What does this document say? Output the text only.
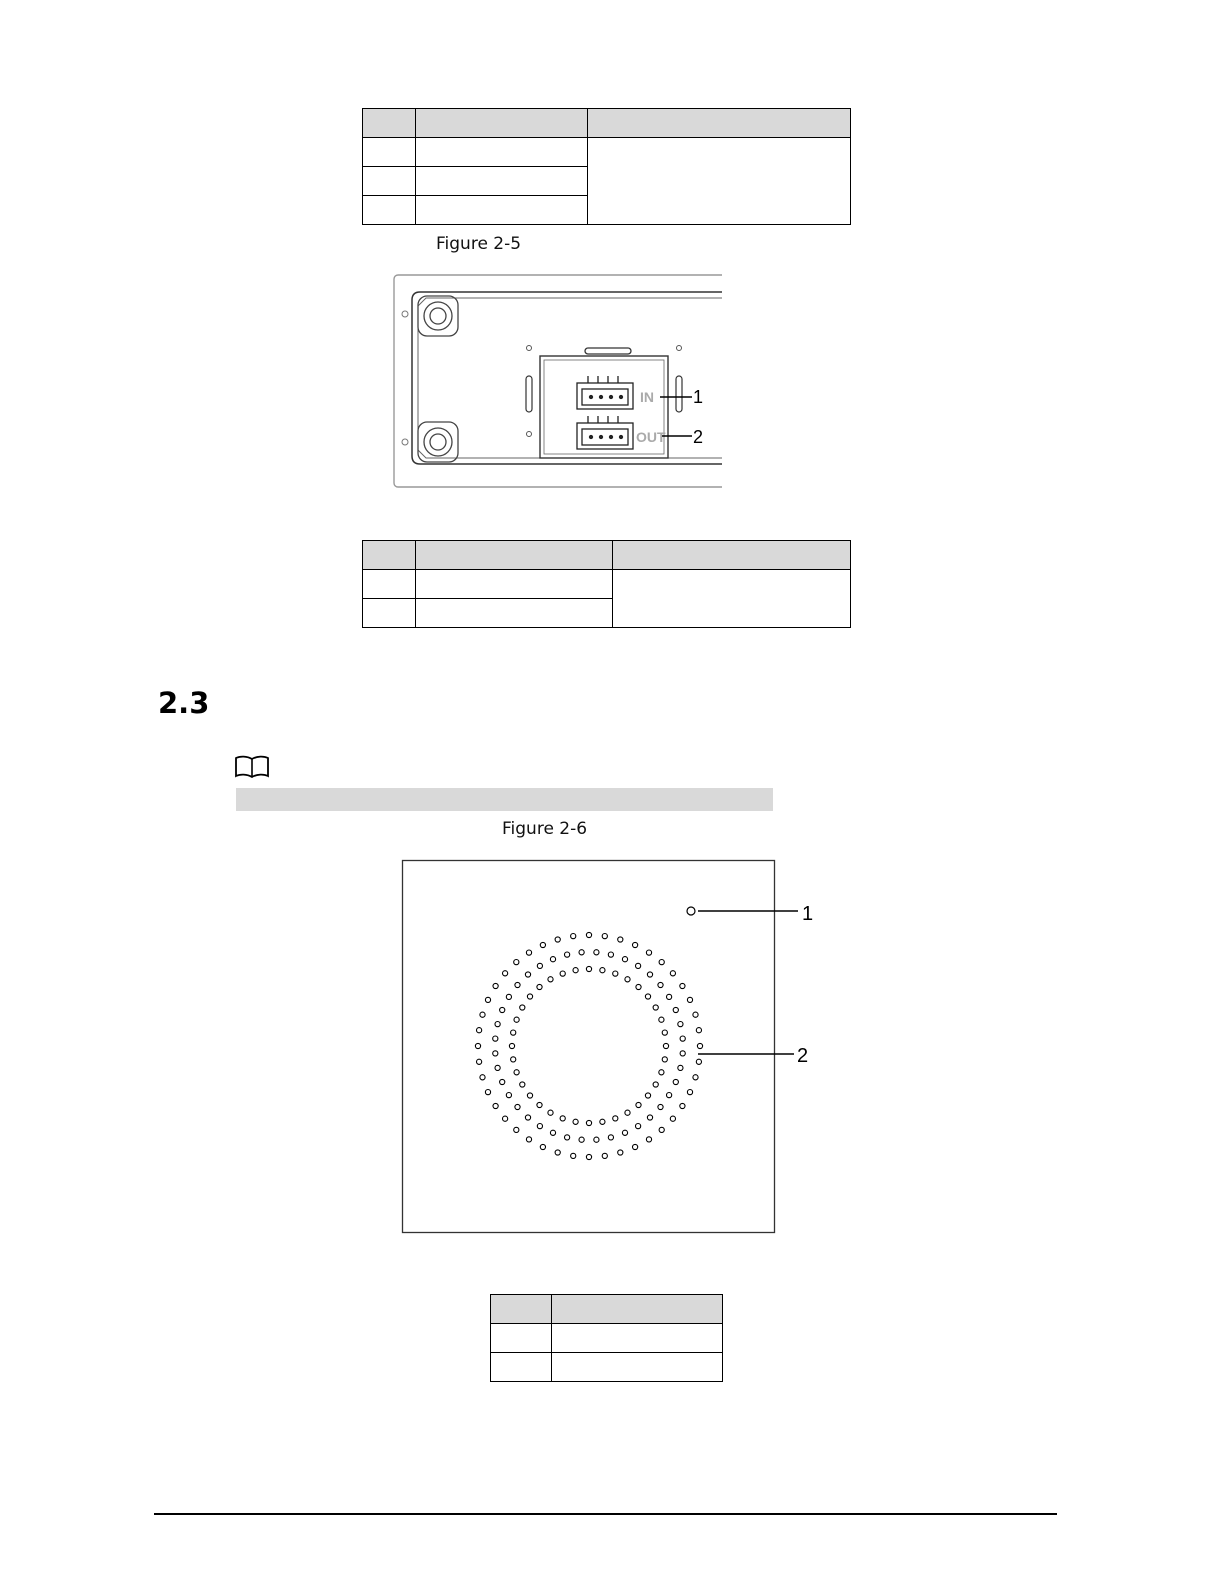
Figure 2-5
IN
OUT
1
2

2.3
Figure 2-6
1
2
